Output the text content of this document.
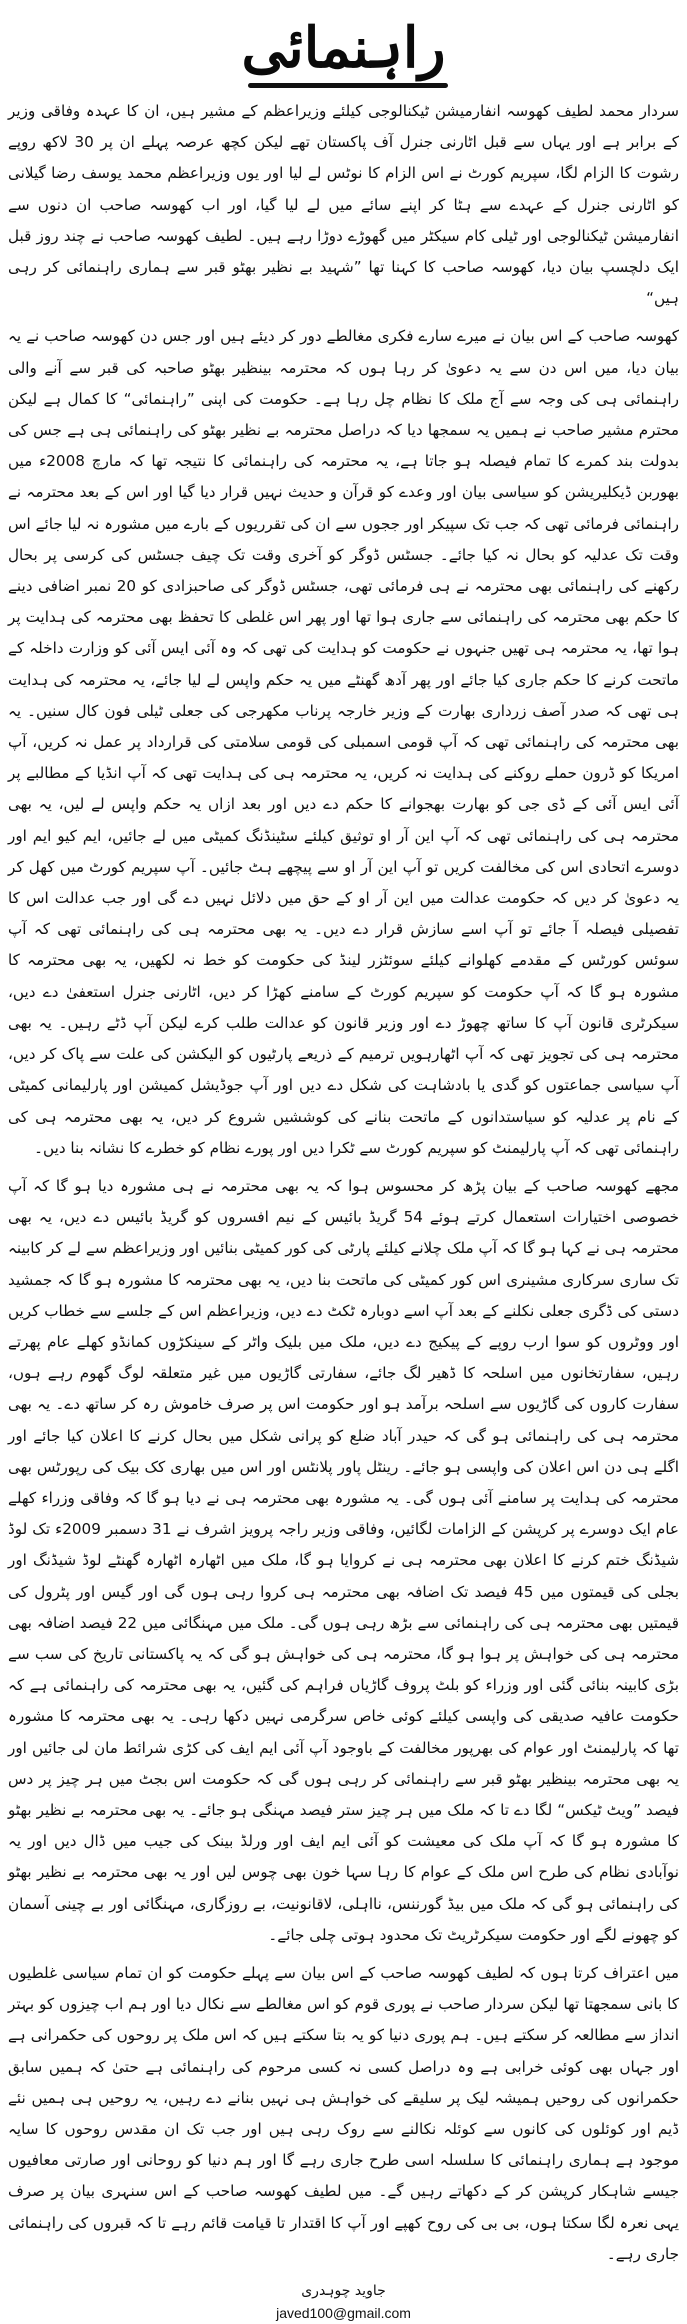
راہنمائی

سردار محمد لطیف کھوسہ انفارمیشن ٹیکنالوجی کیلئے وزیراعظم کے مشیر ہیں، ان کا عہدہ وفاقی وزیر کے برابر ہے اور یہاں سے قبل اٹارنی جنرل آف پاکستان تھے لیکن کچھ عرصہ پہلے ان پر 30 لاکھ روپے رشوت کا الزام لگا، سپریم کورٹ نے اس الزام کا نوٹس لے لیا اور یوں وزیراعظم محمد یوسف رضا گیلانی کو اٹارنی جنرل کے عہدے سے ہٹا کر اپنے سائے میں لے لیا گیا، اور اب کھوسہ صاحب ان دنوں سے انفارمیشن ٹیکنالوجی اور ٹیلی کام سیکٹر میں گھوڑے دوڑا رہے ہیں۔ لطیف کھوسہ صاحب نے چند روز قبل ایک دلچسپ بیان دیا، کھوسہ صاحب کا کہنا تھا ”شہید بے نظیر بھٹو قبر سے ہماری راہنمائی کر رہی ہیں“

کھوسہ صاحب کے اس بیان نے میرے سارے فکری مغالطے دور کر دیئے ہیں اور جس دن کھوسہ صاحب نے یہ بیان دیا، میں اس دن سے یہ دعویٰ کر رہا ہوں کہ محترمہ بینظیر بھٹو صاحبہ کی قبر سے آنے والی راہنمائی ہی کی وجہ سے آج ملک کا نظام چل رہا ہے۔ حکومت کی اپنی ”راہنمائی“ کا کمال ہے لیکن محترم مشیر صاحب نے ہمیں یہ سمجھا دیا کہ دراصل محترمہ بے نظیر بھٹو کی راہنمائی ہی ہے جس کی بدولت بند کمرے کا تمام فیصلہ ہو جاتا ہے، یہ محترمہ کی راہنمائی کا نتیجہ تھا کہ مارچ 2008ء میں بھوربن ڈیکلیریشن کو سیاسی بیان اور وعدے کو قرآن و حدیث نہیں قرار دیا گیا اور اس کے بعد محترمہ نے راہنمائی فرمائی تھی کہ جب تک سپیکر اور ججوں سے ان کی تقرریوں کے بارے میں مشورہ نہ لیا جائے اس وقت تک عدلیہ کو بحال نہ کیا جائے۔ جسٹس ڈوگر کو آخری وقت تک چیف جسٹس کی کرسی پر بحال رکھنے کی راہنمائی بھی محترمہ نے ہی فرمائی تھی، جسٹس ڈوگر کی صاحبزادی کو 20 نمبر اضافی دینے کا حکم بھی محترمہ کی راہنمائی سے جاری ہوا تھا اور پھر اس غلطی کا تحفظ بھی محترمہ کی ہدایت پر ہوا تھا، یہ محترمہ ہی تھیں جنہوں نے حکومت کو ہدایت کی تھی کہ وہ آئی ایس آئی کو وزارت داخلہ کے ماتحت کرنے کا حکم جاری کیا جائے اور پھر آدھ گھنٹے میں یہ حکم واپس لے لیا جائے، یہ محترمہ کی ہدایت ہی تھی کہ صدر آصف زرداری بھارت کے وزیر خارجہ پرناب مکھرجی کی جعلی ٹیلی فون کال سنیں۔ یہ بھی محترمہ کی راہنمائی تھی کہ آپ قومی اسمبلی کی قومی سلامتی کی قرارداد پر عمل نہ کریں، آپ امریکا کو ڈرون حملے روکنے کی ہدایت نہ کریں، یہ محترمہ ہی کی ہدایت تھی کہ آپ انڈیا کے مطالبے پر آئی ایس آئی کے ڈی جی کو بھارت بھجوانے کا حکم دے دیں اور بعد ازاں یہ حکم واپس لے لیں، یہ بھی محترمہ ہی کی راہنمائی تھی کہ آپ این آر او توثیق کیلئے سٹینڈنگ کمیٹی میں لے جائیں، ایم کیو ایم اور دوسرے اتحادی اس کی مخالفت کریں تو آپ این آر او سے پیچھے ہٹ جائیں۔ آپ سپریم کورٹ میں کھل کر یہ دعویٰ کر دیں کہ حکومت عدالت میں این آر او کے حق میں دلائل نہیں دے گی اور جب عدالت اس کا تفصیلی فیصلہ آ جائے تو آپ اسے سازش قرار دے دیں۔ یہ بھی محترمہ ہی کی راہنمائی تھی کہ آپ سوئس کورٹس کے مقدمے کھلوانے کیلئے سوئٹزر لینڈ کی حکومت کو خط نہ لکھیں، یہ بھی محترمہ کا مشورہ ہو گا کہ آپ حکومت کو سپریم کورٹ کے سامنے کھڑا کر دیں، اٹارنی جنرل استعفیٰ دے دیں، سیکرٹری قانون آپ کا ساتھ چھوڑ دے اور وزیر قانون کو عدالت طلب کرے لیکن آپ ڈٹے رہیں۔ یہ بھی محترمہ ہی کی تجویز تھی کہ آپ اٹھارہویں ترمیم کے ذریعے پارٹیوں کو الیکشن کی علت سے پاک کر دیں، آپ سیاسی جماعتوں کو گدی یا بادشاہت کی شکل دے دیں اور آپ جوڈیشل کمیشن اور پارلیمانی کمیٹی کے نام پر عدلیہ کو سیاستدانوں کے ماتحت بنانے کی کوششیں شروع کر دیں، یہ بھی محترمہ ہی کی راہنمائی تھی کہ آپ پارلیمنٹ کو سپریم کورٹ سے ٹکرا دیں اور پورے نظام کو خطرے کا نشانہ بنا دیں۔

مجھے کھوسہ صاحب کے بیان پڑھ کر محسوس ہوا کہ یہ بھی محترمہ نے ہی مشورہ دیا ہو گا کہ آپ خصوصی اختیارات استعمال کرتے ہوئے 54 گریڈ بائیس کے نیم افسروں کو گریڈ بائیس دے دیں، یہ بھی محترمہ ہی نے کہا ہو گا کہ آپ ملک چلانے کیلئے پارٹی کی کور کمیٹی بنائیں اور وزیراعظم سے لے کر کابینہ تک ساری سرکاری مشینری اس کور کمیٹی کی ماتحت بنا دیں، یہ بھی محترمہ کا مشورہ ہو گا کہ جمشید دستی کی ڈگری جعلی نکلنے کے بعد آپ اسے دوبارہ ٹکٹ دے دیں، وزیراعظم اس کے جلسے سے خطاب کریں اور ووٹروں کو سوا ارب روپے کے پیکیج دے دیں، ملک میں بلیک واٹر کے سینکڑوں کمانڈو کھلے عام پھرتے رہیں، سفارتخانوں میں اسلحہ کا ڈھیر لگ جائے، سفارتی گاڑیوں میں غیر متعلقہ لوگ گھوم رہے ہوں، سفارت کاروں کی گاڑیوں سے اسلحہ برآمد ہو اور حکومت اس پر صرف خاموش رہ کر ساتھ دے۔ یہ بھی محترمہ ہی کی راہنمائی ہو گی کہ حیدر آباد ضلع کو پرانی شکل میں بحال کرنے کا اعلان کیا جائے اور اگلے ہی دن اس اعلان کی واپسی ہو جائے۔ رینٹل پاور پلانٹس اور اس میں بھاری کک بیک کی رپورٹس بھی محترمہ کی ہدایت پر سامنے آئی ہوں گی۔ یہ مشورہ بھی محترمہ ہی نے دیا ہو گا کہ وفاقی وزراء کھلے عام ایک دوسرے پر کرپشن کے الزامات لگائیں، وفاقی وزیر راجہ پرویز اشرف نے 31 دسمبر 2009ء تک لوڈ شیڈنگ ختم کرنے کا اعلان بھی محترمہ ہی نے کروایا ہو گا، ملک میں اٹھارہ اٹھارہ گھنٹے لوڈ شیڈنگ اور بجلی کی قیمتوں میں 45 فیصد تک اضافہ بھی محترمہ ہی کروا رہی ہوں گی اور گیس اور پٹرول کی قیمتیں بھی محترمہ ہی کی راہنمائی سے بڑھ رہی ہوں گی۔ ملک میں مہنگائی میں 22 فیصد اضافہ بھی محترمہ ہی کی خواہش پر ہوا ہو گا، محترمہ ہی کی خواہش ہو گی کہ یہ پاکستانی تاریخ کی سب سے بڑی کابینہ بنائی گئی اور وزراء کو بلٹ پروف گاڑیاں فراہم کی گئیں، یہ بھی محترمہ کی راہنمائی ہے کہ حکومت عافیہ صدیقی کی واپسی کیلئے کوئی خاص سرگرمی نہیں دکھا رہی۔ یہ بھی محترمہ کا مشورہ تھا کہ پارلیمنٹ اور عوام کی بھرپور مخالفت کے باوجود آپ آئی ایم ایف کی کڑی شرائط مان لی جائیں اور یہ بھی محترمہ بینظیر بھٹو قبر سے راہنمائی کر رہی ہوں گی کہ حکومت اس بجٹ میں ہر چیز پر دس فیصد ”ویٹ ٹیکس“ لگا دے تا کہ ملک میں ہر چیز ستر فیصد مہنگی ہو جائے۔ یہ بھی محترمہ بے نظیر بھٹو کا مشورہ ہو گا کہ آپ ملک کی معیشت کو آئی ایم ایف اور ورلڈ بینک کی جیب میں ڈال دیں اور یہ نوآبادی نظام کی طرح اس ملک کے عوام کا رہا سہا خون بھی چوس لیں اور یہ بھی محترمہ بے نظیر بھٹو کی راہنمائی ہو گی کہ ملک میں بیڈ گورننس، نااہلی، لاقانونیت، بے روزگاری، مہنگائی اور بے چینی آسمان کو چھونے لگے اور حکومت سیکرٹریٹ تک محدود ہوتی چلی جائے۔

میں اعتراف کرتا ہوں کہ لطیف کھوسہ صاحب کے اس بیان سے پہلے حکومت کو ان تمام سیاسی غلطیوں کا بانی سمجھتا تھا لیکن سردار صاحب نے پوری قوم کو اس مغالطے سے نکال دیا اور ہم اب چیزوں کو بہتر انداز سے مطالعہ کر سکتے ہیں۔ ہم پوری دنیا کو یہ بتا سکتے ہیں کہ اس ملک پر روحوں کی حکمرانی ہے اور جہاں بھی کوئی خرابی ہے وہ دراصل کسی نہ کسی مرحوم کی راہنمائی ہے حتیٰ کہ ہمیں سابق حکمرانوں کی روحیں ہمیشہ لیک پر سلیقے کی خواہش ہی نہیں بنانے دے رہیں، یہ روحیں ہی ہمیں نئے ڈیم اور کوئلوں کی کانوں سے کوئلہ نکالنے سے روک رہی ہیں اور جب تک ان مقدس روحوں کا سایہ موجود ہے ہماری راہنمائی کا سلسلہ اسی طرح جاری رہے گا اور ہم دنیا کو روحانی اور صارتی معافیوں جیسے شاہکار کرپشن کر کے دکھاتے رہیں گے۔ میں لطیف کھوسہ صاحب کے اس سنہری بیان پر صرف یہی نعرہ لگا سکتا ہوں، بی بی کی روح کھپے اور آپ کا اقتدار تا قیامت قائم رہے تا کہ قبروں کی راہنمائی جاری رہے۔

جاوید چوہدری
javed100@gmail.com
